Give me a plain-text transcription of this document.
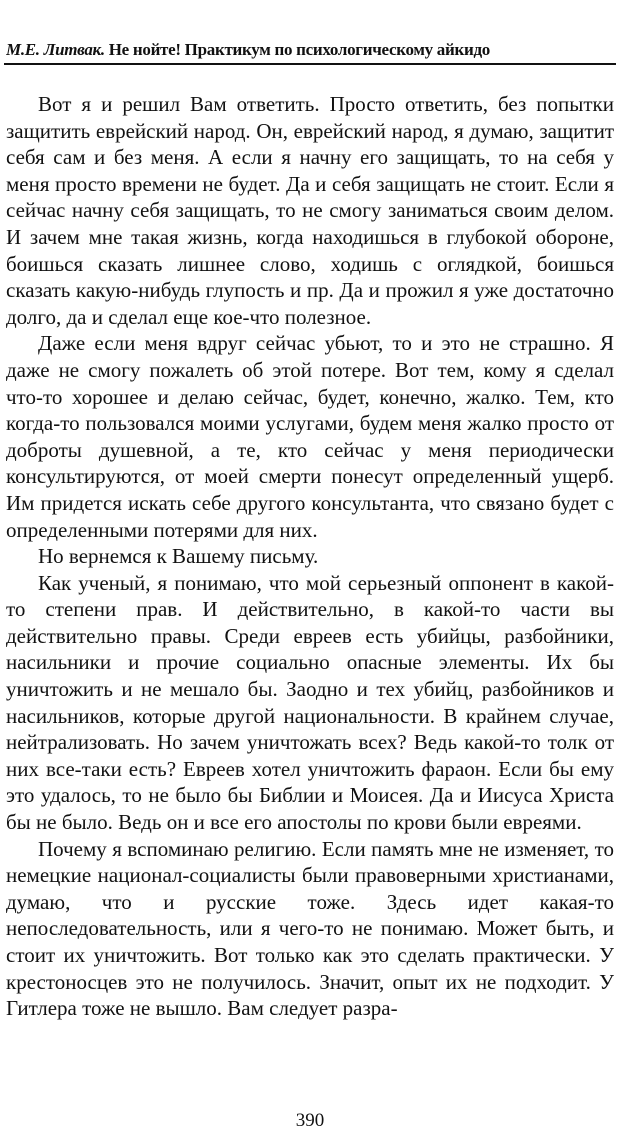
М.Е. Литвак. Не нойте! Практикум по психологическому айкидо

Вот я и решил Вам ответить. Просто ответить, без попытки защитить еврейский народ. Он, еврейский народ, я думаю, защитит себя сам и без меня. А если я начну его защищать, то на себя у меня просто времени не будет. Да и себя защищать не стоит. Если я сейчас начну себя защищать, то не смогу заниматься своим делом. И зачем мне такая жизнь, когда находишься в глубокой обороне, боишься сказать лишнее слово, ходишь с оглядкой, боишься сказать какую-нибудь глупость и пр. Да и прожил я уже достаточно долго, да и сделал еще кое-что полезное.

Даже если меня вдруг сейчас убьют, то и это не страшно. Я даже не смогу пожалеть об этой потере. Вот тем, кому я сделал что-то хорошее и делаю сейчас, будет, конечно, жалко. Тем, кто когда-то пользовался моими услугами, будем меня жалко просто от доброты душевной, а те, кто сейчас у меня периодически консультируются, от моей смерти понесут определенный ущерб. Им придется искать себе другого консультанта, что связано будет с определенными потерями для них.

Но вернемся к Вашему письму.

Как ученый, я понимаю, что мой серьезный оппонент в какой-то степени прав. И действительно, в какой-то части вы действительно правы. Среди евреев есть убийцы, разбойники, насильники и прочие социально опасные элементы. Их бы уничтожить и не мешало бы. Заодно и тех убийц, разбойников и насильников, которые другой национальности. В крайнем случае, нейтрализовать. Но зачем уничтожать всех? Ведь какой-то толк от них все-таки есть? Евреев хотел уничтожить фараон. Если бы ему это удалось, то не было бы Библии и Моисея. Да и Иисуса Христа бы не было. Ведь он и все его апостолы по крови были евреями.

Почему я вспоминаю религию. Если память мне не изменяет, то немецкие национал-социалисты были правоверными христианами, думаю, что и русские тоже. Здесь идет какая-то непоследовательность, или я чего-то не понимаю. Может быть, и стоит их уничтожить. Вот только как это сделать практически. У крестоносцев это не получилось. Значит, опыт их не подходит. У Гитлера тоже не вышло. Вам следует разра-

390
